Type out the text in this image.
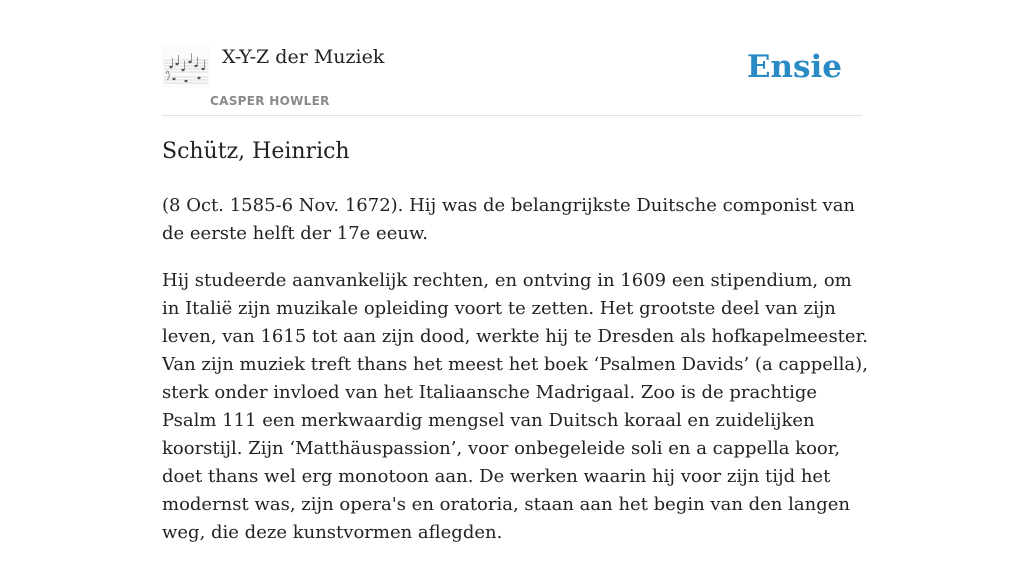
X-Y-Z der Muziek
CASPER HOWLER
Ensie
Schütz, Heinrich

(8 Oct. 1585-6 Nov. 1672). Hij was de belangrijkste Duitsche componist van de eerste helft der 17e eeuw.

Hij studeerde aanvankelijk rechten, en ontving in 1609 een stipendium, om in Italië zijn muzikale opleiding voort te zetten. Het grootste deel van zijn leven, van 1615 tot aan zijn dood, werkte hij te Dresden als hofkapelmeester. Van zijn muziek treft thans het meest het boek ‘Psalmen Davids’ (a cappella), sterk onder invloed van het Italiaansche Madrigaal. Zoo is de prachtige Psalm 111 een merkwaardig mengsel van Duitsch koraal en zuidelijken koorstijl. Zijn ‘Matthäuspassion’, voor onbegeleide soli en a cappella koor, doet thans wel erg monotoon aan. De werken waarin hij voor zijn tijd het modernst was, zijn opera's en oratoria, staan aan het begin van den langen weg, die deze kunstvormen aflegden.
